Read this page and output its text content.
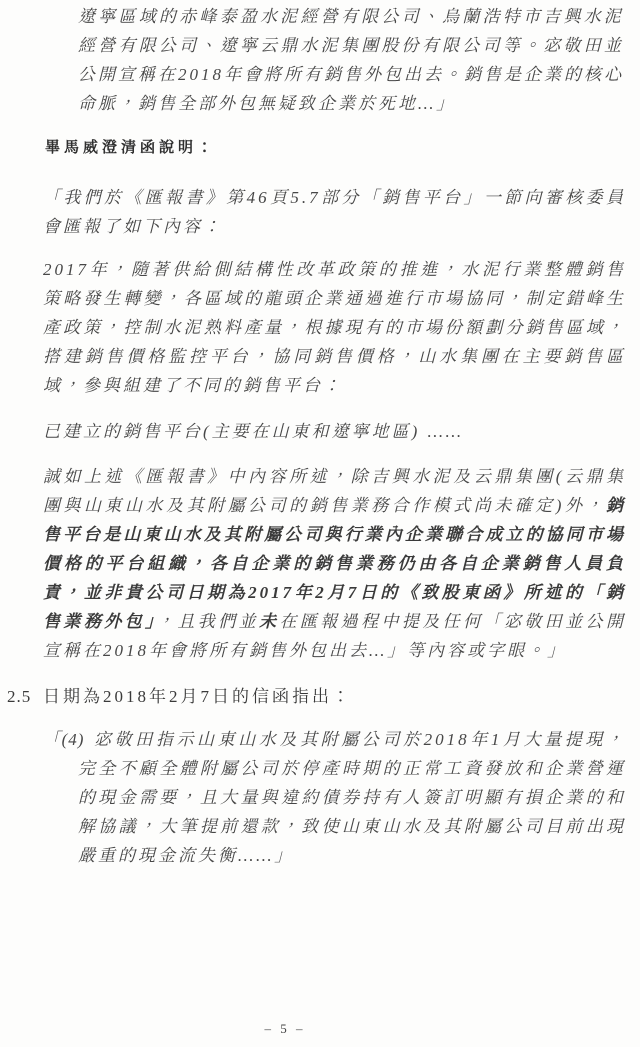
遼寧區域的赤峰泰盈水泥經營有限公司、烏蘭浩特市吉興水泥經營有限公司、遼寧云鼎水泥集團股份有限公司等。宓敬田並公開宣稱在2018年會將所有銷售外包出去。銷售是企業的核心命脈，銷售全部外包無疑致企業於死地…」

畢馬威澄清函說明：

「我們於《匯報書》第46頁5.7部分「銷售平台」一節向審核委員會匯報了如下內容：

2017年，隨著供給側結構性改革政策的推進，水泥行業整體銷售策略發生轉變，各區域的龍頭企業通過進行市場協同，制定錯峰生產政策，控制水泥熟料產量，根據現有的市場份額劃分銷售區域，搭建銷售價格監控平台，協同銷售價格，山水集團在主要銷售區域，參與組建了不同的銷售平台：

已建立的銷售平台(主要在山東和遼寧地區) ……

誠如上述《匯報書》中內容所述，除吉興水泥及云鼎集團(云鼎集團與山東山水及其附屬公司的銷售業務合作模式尚未確定)外，銷售平台是山東山水及其附屬公司與行業內企業聯合成立的協同市場價格的平台組織，各自企業的銷售業務仍由各自企業銷售人員負責，並非貴公司日期為2017年2月7日的《致股東函》所述的「銷售業務外包」，且我們並未在匯報過程中提及任何「宓敬田並公開宣稱在2018年會將所有銷售外包出去…」等內容或字眼。」

2.5 日期為2018年2月7日的信函指出：

「(4) 宓敬田指示山東山水及其附屬公司於2018年1月大量提現，完全不顧全體附屬公司於停產時期的正常工資發放和企業營運的現金需要，且大量與違約債券持有人簽訂明顯有損企業的和解協議，大筆提前還款，致使山東山水及其附屬公司目前出現嚴重的現金流失衡……」

– 5 –
